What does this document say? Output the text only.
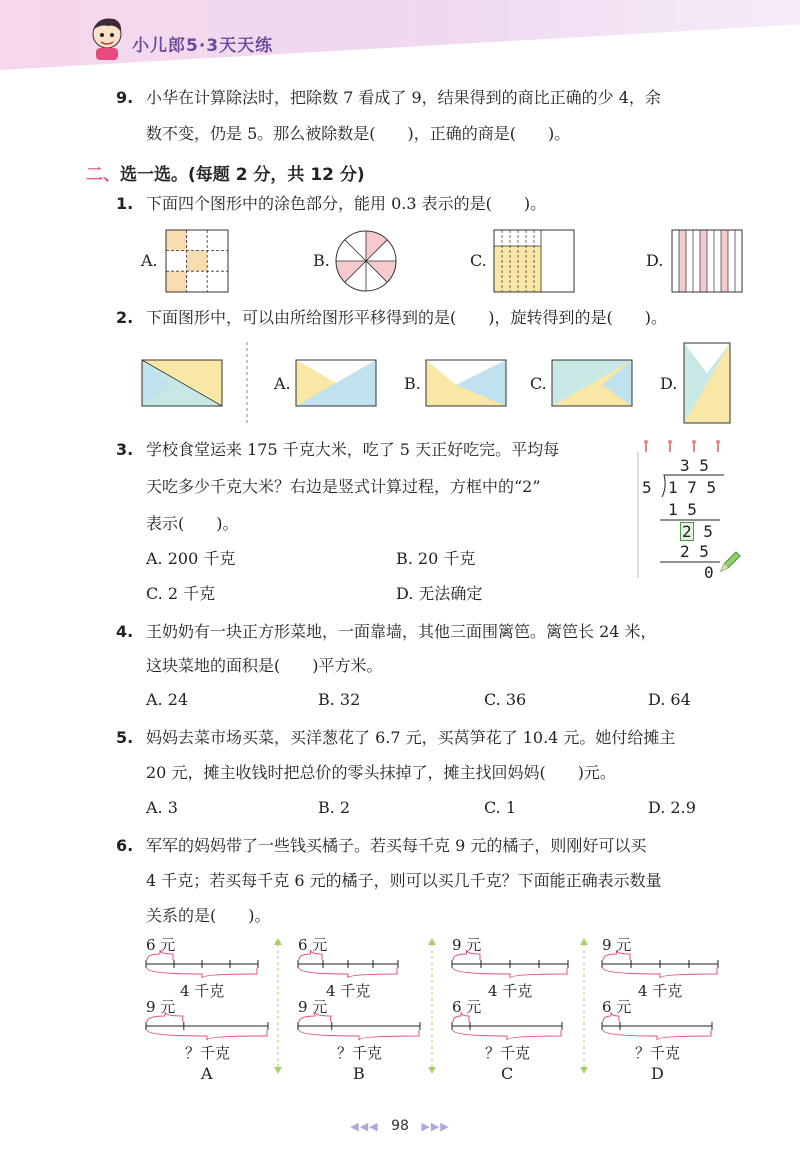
小儿郎5·3天天练
9. 小华在计算除法时，把除数 7 看成了 9，结果得到的商比正确的少 4，余
数不变，仍是 5。那么被除数是(　　)，正确的商是(　　)。
二、选一选。(每题 2 分，共 12 分)
1. 下面四个图形中的涂色部分，能用 0.3 表示的是(　　)。
A.	B.	C.	D.
2. 下面图形中，可以由所给图形平移得到的是(　　)，旋转得到的是(　　)。
A.	B.	C.	D.
3. 学校食堂运来 175 千克大米，吃了 5 天正好吃完。平均每
天吃多少千克大米？右边是竖式计算过程，方框中的“2”
表示(　　)。
A. 200 千克	B. 20 千克
C. 2 千克	D. 无法确定
3 5
5 1 7 5
1 5
2 5
2 5
0
4. 王奶奶有一块正方形菜地，一面靠墙，其他三面围篱笆。篱笆长 24 米，
这块菜地的面积是(　　)平方米。
A. 24	B. 32	C. 36	D. 64
5. 妈妈去菜市场买菜，买洋葱花了 6.7 元，买莴笋花了 10.4 元。她付给摊主
20 元，摊主收钱时把总价的零头抹掉了，摊主找回妈妈(　　)元。
A. 3	B. 2	C. 1	D. 2.9
6. 军军的妈妈带了一些钱买橘子。若买每千克 9 元的橘子，则刚好可以买
4 千克；若买每千克 6 元的橘子，则可以买几千克？下面能正确表示数量
关系的是(　　)。
6 元
4 千克
9 元
？千克
A
6 元
4 千克
9 元
？千克
B
9 元
4 千克
6 元
？千克
C
9 元
4 千克
6 元
？千克
D
◀◀◀ 98 ▶▶▶
